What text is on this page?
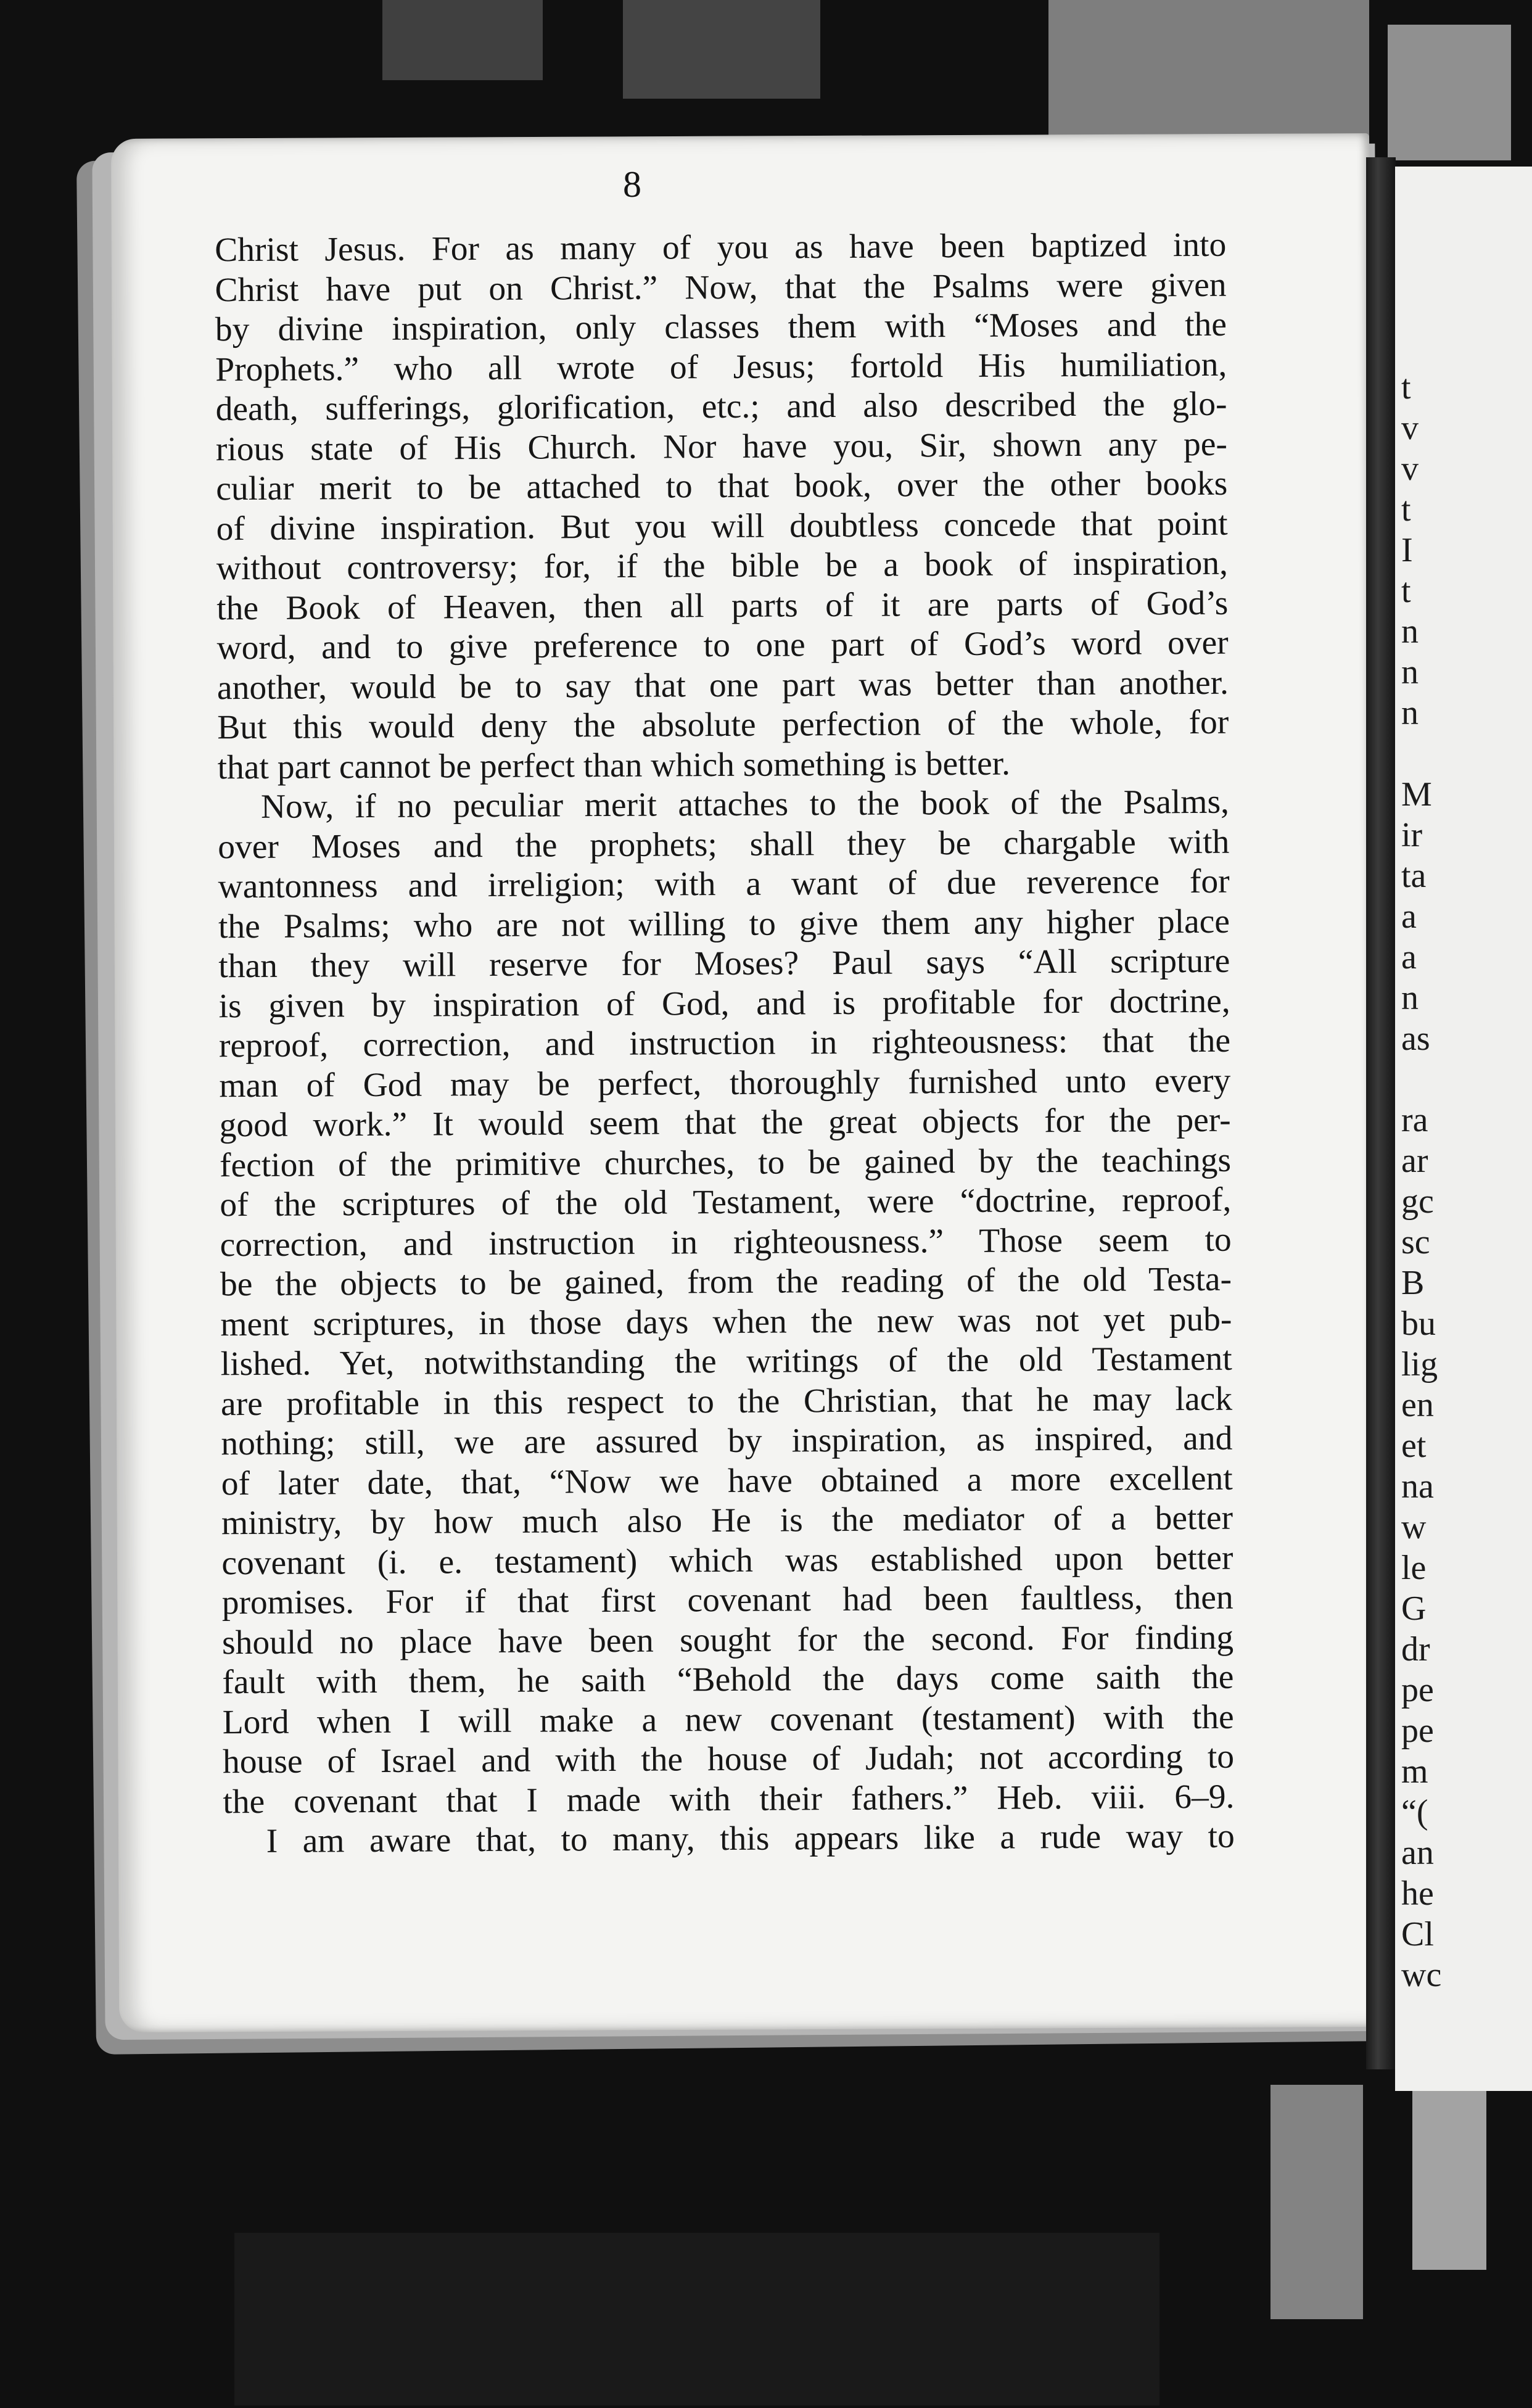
t
v
v
t
I
t
n
n
n
M
ir
ta
a
a
n
as
ra
ar
gc
sc
B
bu
lig
en
et
na
w
le
G
dr
pe
pe
m
“(
an
he
Cl
wc
8
Christ Jesus. For as many of you as have been baptized into
Christ have put on Christ.” Now, that the Psalms were given
by divine inspiration, only classes them with “Moses and the
Prophets.” who all wrote of Jesus; fortold His humiliation,
death, sufferings, glorification, etc.; and also described the glo-
rious state of His Church. Nor have you, Sir, shown any pe-
culiar merit to be attached to that book, over the other books
of divine inspiration. But you will doubtless concede that point
without controversy; for, if the bible be a book of inspiration,
the Book of Heaven, then all parts of it are parts of God’s
word, and to give preference to one part of God’s word over
another, would be to say that one part was better than another.
But this would deny the absolute perfection of the whole, for
that part cannot be perfect than which something is better.
Now, if no peculiar merit attaches to the book of the Psalms,
over Moses and the prophets; shall they be chargable with
wantonness and irreligion; with a want of due reverence for
the Psalms; who are not willing to give them any higher place
than they will reserve for Moses? Paul says “All scripture
is given by inspiration of God, and is profitable for doctrine,
reproof, correction, and instruction in righteousness: that the
man of God may be perfect, thoroughly furnished unto every
good work.” It would seem that the great objects for the per-
fection of the primitive churches, to be gained by the teachings
of the scriptures of the old Testament, were “doctrine, reproof,
correction, and instruction in righteousness.” Those seem to
be the objects to be gained, from the reading of the old Testa-
ment scriptures, in those days when the new was not yet pub-
lished. Yet, notwithstanding the writings of the old Testament
are profitable in this respect to the Christian, that he may lack
nothing; still, we are assured by inspiration, as inspired, and
of later date, that, “Now we have obtained a more excellent
ministry, by how much also He is the mediator of a better
covenant (i. e. testament) which was established upon better
promises. For if that first covenant had been faultless, then
should no place have been sought for the second. For finding
fault with them, he saith “Behold the days come saith the
Lord when I will make a new covenant (testament) with the
house of Israel and with the house of Judah; not according to
the covenant that I made with their fathers.” Heb. viii. 6–9.
I am aware that, to many, this appears like a rude way to
